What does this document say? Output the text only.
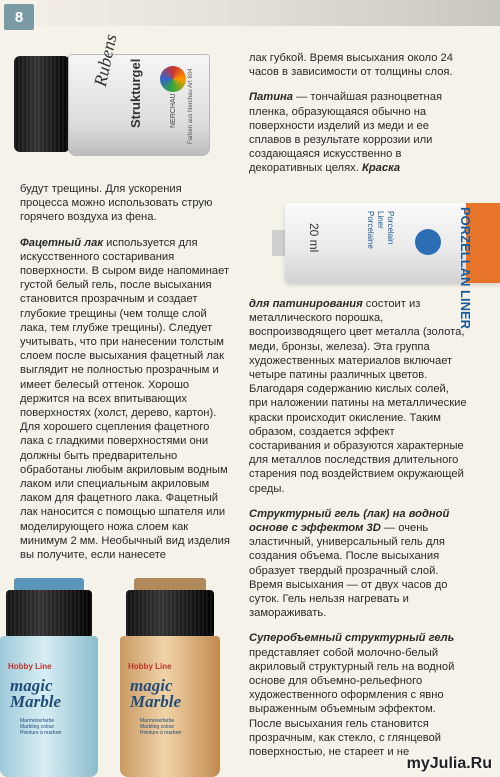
8
Rubens Strukturgel	Farben aus Nerchau Art 804
NERCHAU

будут трещины. Для ускорения процесса можно использовать струю горячего воздуха из фена.

Фацетный лак используется для искусственного состаривания поверхности. В сыром виде напоминает густой белый гель, после высыхания становится прозрачным и создает глубокие трещины (чем толще слой лака, тем глубже трещины). Следует учитывать, что при нанесении толстым слоем после высыхания фацетный лак выглядит не полностью прозрачным и имеет белесый оттенок. Хорошо держится на всех впитывающих поверхностях (холст, дерево, картон). Для хорошего сцепления фацетного лака с гладкими поверхностями они должны быть предварительно обработаны любым акриловым водным лаком или специальным акриловым лаком для фацетного лака. Фацетный лак наносится с помощью шпателя или моделирующего ножа слоем как минимум 2 мм. Необычный вид изделия вы получите, если нанесете

лак губкой. Время высыхания около 24 часов в зависимости от толщины слоя.

Патина — тончайшая разноцветная пленка, образующаяся обычно на поверхности изделий из меди и ее сплавов в результате коррозии или создающаяся искусственно в декоративных целях. Краска

PORZELLAN LINER
20 ml	Porcelain
Liner
Porcelaine

для патинирования состоит из металлического порошка, воспроизводящего цвет металла (золота, меди, бронзы, железа). Эта группа художественных материалов включает четыре патины различных цветов. Благодаря содержанию кислых солей, при наложении патины на металлические краски происходит окисление. Таким образом, создается эффект состаривания и образуются характерные для металлов последствия длительного старения под воздействием окружающей среды.

Структурный гель (лак) на водной основе с эффектом 3D — очень эластичный, универсальный гель для создания объема. После высыхания образует твердый прозрачный слой. Время высыхания — от двух часов до суток. Гель нельзя нагревать и замораживать.

Суперобъемный структурный гель представляет собой молочно-белый акриловый структурный гель на водной основе для объемно-рельефного художественного оформления с явно выраженным объемным эффектом. После высыхания гель становится прозрачным, как стекло, с глянцевой поверхностью, не стареет и не

Hobby Line
magic Marble
Marmorierfarbe
Marbling colour
Peinture à marbrer
Hobby Line
magic Marble
Marmorierfarbe
Marbling colour
Peinture à marbrer
myJulia.Ru
